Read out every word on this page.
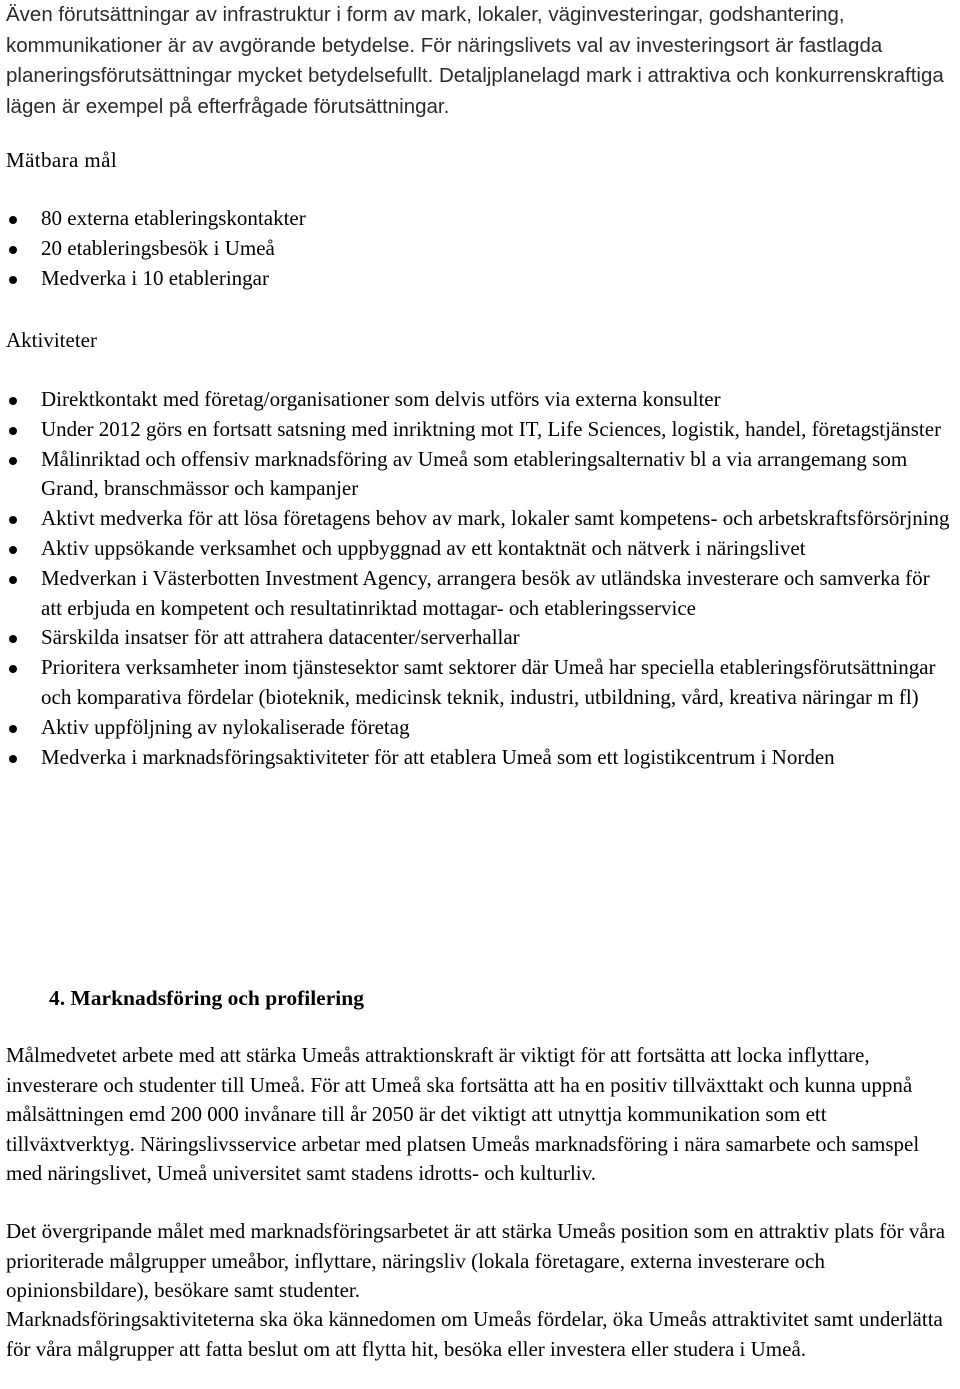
Även förutsättningar av infrastruktur i form av mark, lokaler, väginvesteringar, godshantering, kommunikationer är av avgörande betydelse. För näringslivets val av investeringsort är fastlagda planeringsförutsättningar mycket betydelsefullt. Detaljplanelagd mark i attraktiva och konkurrenskraftiga lägen är exempel på efterfrågade förutsättningar.

Mätbara mål
80 externa etableringskontakter
20 etableringsbesök i Umeå
Medverka i 10 etableringar
Aktiviteter
Direktkontakt med företag/organisationer som delvis utförs via externa konsulter
Under 2012 görs en fortsatt satsning med inriktning mot IT, Life Sciences, logistik, handel, företagstjänster
Målinriktad och offensiv marknadsföring av Umeå som etableringsalternativ bl a via arrangemang som Grand, branschmässor och kampanjer
Aktivt medverka för att lösa företagens behov av mark, lokaler samt kompetens- och arbetskraftsförsörjning
Aktiv uppsökande verksamhet och uppbyggnad av ett kontaktnät och nätverk i näringslivet
Medverkan i Västerbotten Investment Agency, arrangera besök av utländska investerare och samverka för att erbjuda en kompetent och resultatinriktad mottagar- och etableringsservice
Särskilda insatser för att attrahera datacenter/serverhallar
Prioritera verksamheter inom tjänstesektor samt sektorer där Umeå har speciella etableringsförutsättningar och komparativa fördelar (bioteknik, medicinsk teknik, industri, utbildning, vård, kreativa näringar m fl)
Aktiv uppföljning av nylokaliserade företag
Medverka i marknadsföringsaktiviteter för att etablera Umeå som ett logistikcentrum i Norden
4. Marknadsföring och profilering

Målmedvetet arbete med att stärka Umeås attraktionskraft är viktigt för att fortsätta att locka inflyttare, investerare och studenter till Umeå. För att Umeå ska fortsätta att ha en positiv tillväxttakt och kunna uppnå målsättningen emd 200 000 invånare till år 2050 är det viktigt att utnyttja kommunikation som ett tillväxtverktyg. Näringslivsservice arbetar med platsen Umeås marknadsföring i nära samarbete och samspel med näringslivet, Umeå universitet samt stadens idrotts- och kulturliv.

Det övergripande målet med marknadsföringsarbetet är att stärka Umeås position som en attraktiv plats för våra prioriterade målgrupper umeåbor, inflyttare, näringsliv (lokala företagare, externa investerare och opinionsbildare), besökare samt studenter.

Marknadsföringsaktiviteterna ska öka kännedomen om Umeås fördelar, öka Umeås attraktivitet samt underlätta för våra målgrupper att fatta beslut om att flytta hit, besöka eller investera eller studera i Umeå.
